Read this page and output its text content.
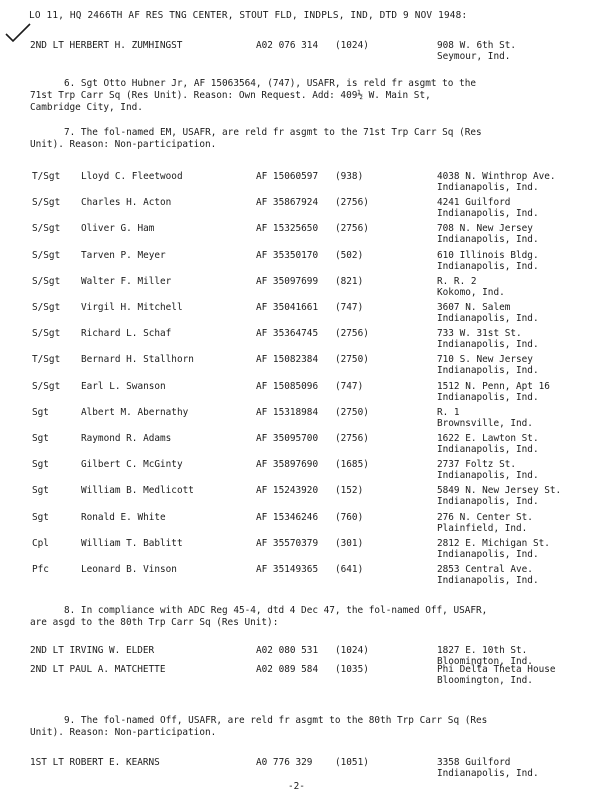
LO 11, HQ 2466TH AF RES TNG CENTER, STOUT FLD, INDPLS, IND, DTD 9 NOV 1948:
2ND LT HERBERT H. ZUMHINGST	A02 076 314 (1024)	908 W. 6th St.
Seymour, Ind.
6. Sgt Otto Hubner Jr, AF 15063564, (747), USAFR, is reld fr asgmt to the
71st Trp Carr Sq (Res Unit). Reason: Own Request. Add: 409½ W. Main St,
Cambridge City, Ind.
7. The fol-named EM, USAFR, are reld fr asgmt to the 71st Trp Carr Sq (Res
Unit). Reason: Non-participation.
T/Sgt Lloyd C. Fleetwood	AF 15060597 (938)	4038 N. Winthrop Ave.
Indianapolis, Ind.
S/Sgt Charles H. Acton	AF 35867924 (2756)	4241 Guilford
Indianapolis, Ind.
S/Sgt Oliver G. Ham	AF 15325650 (2756)	708 N. New Jersey
Indianapolis, Ind.
S/Sgt Tarven P. Meyer	AF 35350170 (502)	610 Illinois Bldg.
Indianapolis, Ind.
S/Sgt Walter F. Miller	AF 35097699 (821)	R. R. 2
Kokomo, Ind.
S/Sgt Virgil H. Mitchell	AF 35041661 (747)	3607 N. Salem
Indianapolis, Ind.
S/Sgt Richard L. Schaf	AF 35364745 (2756)	733 W. 31st St.
Indianapolis, Ind.
T/Sgt Bernard H. Stallhorn	AF 15082384 (2750)	710 S. New Jersey
Indianapolis, Ind.
S/Sgt Earl L. Swanson	AF 15085096 (747)	1512 N. Penn, Apt 16
Indianapolis, Ind.
Sgt	Albert M. Abernathy	AF 15318984 (2750)	R. 1
Brownsville, Ind.
Sgt	Raymond R. Adams	AF 35095700 (2756)	1622 E. Lawton St.
Indianapolis, Ind.
Sgt	Gilbert C. McGinty	AF 35897690 (1685)	2737 Foltz St.
Indianapolis, Ind.
Sgt	William B. Medlicott	AF 15243920 (152)	5849 N. New Jersey St.
Indianapolis, Ind.
Sgt	Ronald E. White	AF 15346246 (760)	276 N. Center St.
Plainfield, Ind.
Cpl	William T. Bablitt	AF 35570379 (301)	2812 E. Michigan St.
Indianapolis, Ind.
Pfc	Leonard B. Vinson	AF 35149365 (641)	2853 Central Ave.
Indianapolis, Ind.
8. In compliance with ADC Reg 45-4, dtd 4 Dec 47, the fol-named Off, USAFR,
are asgd to the 80th Trp Carr Sq (Res Unit):
2ND LT IRVING W. ELDER	A02 080 531 (1024)	1827 E. 10th St.
Bloomington, Ind.
2ND LT PAUL A. MATCHETTE	A02 089 584 (1035)	Phi Delta Theta House
Bloomington, Ind.
9. The fol-named Off, USAFR, are reld fr asgmt to the 80th Trp Carr Sq (Res
Unit). Reason: Non-participation.
1ST LT ROBERT E. KEARNS	A0 776 329 (1051)	3358 Guilford
Indianapolis, Ind.
-2-
